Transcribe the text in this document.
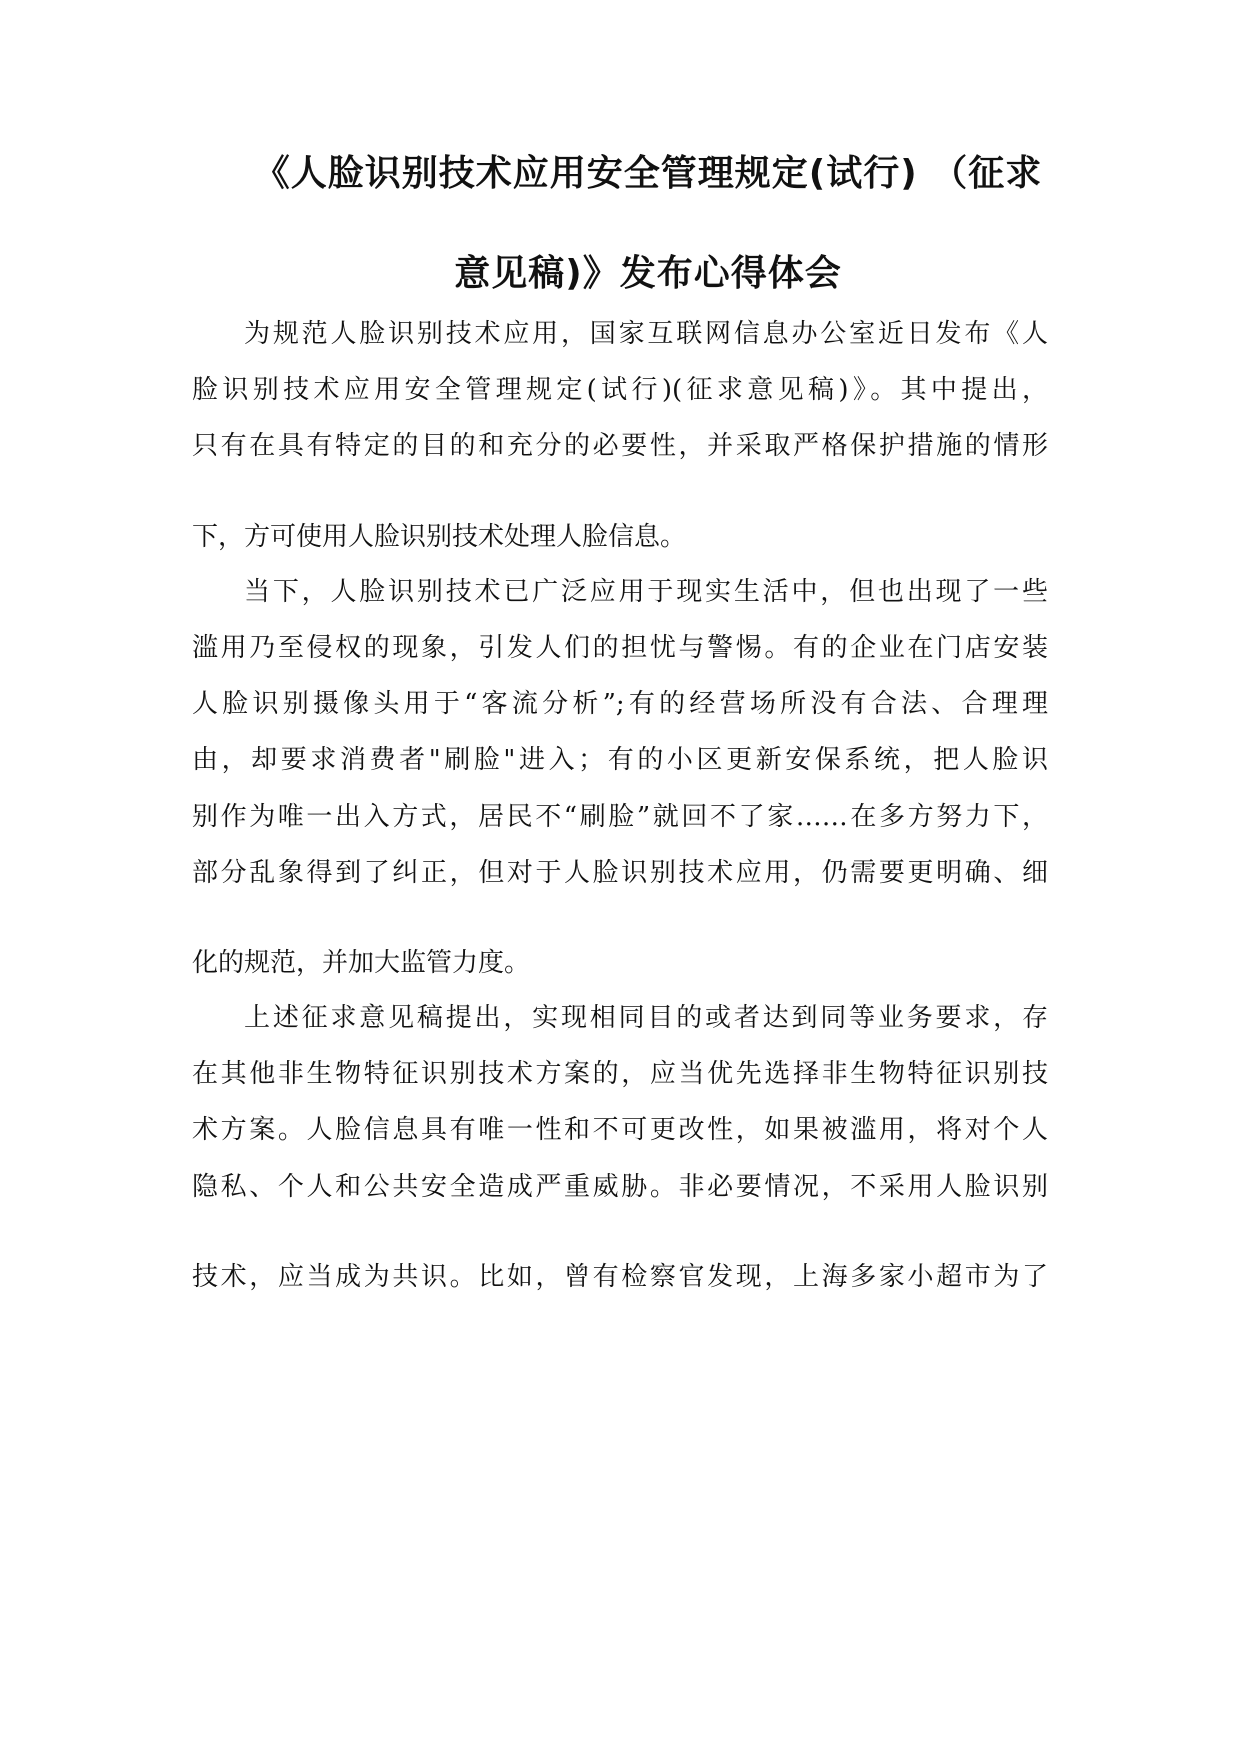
《人脸识别技术应用安全管理规定(试行) （征求
意见稿)》发布心得体会
为规范人脸识别技术应用，国家互联网信息办公室近日发布《人
脸识别技术应用安全管理规定(试行)(征求意见稿)》。其中提出，
只有在具有特定的目的和充分的必要性，并采取严格保护措施的情形
下，方可使用人脸识别技术处理人脸信息。
当下，人脸识别技术已广泛应用于现实生活中，但也出现了一些
滥用乃至侵权的现象，引发人们的担忧与警惕。有的企业在门店安装
人脸识别摄像头用于“客流分析”;有的经营场所没有合法、合理理
由，却要求消费者"刷脸"进入；有的小区更新安保系统，把人脸识
别作为唯一出入方式，居民不“刷脸”就回不了家……在多方努力下，
部分乱象得到了纠正，但对于人脸识别技术应用，仍需要更明确、细
化的规范，并加大监管力度。
上述征求意见稿提出，实现相同目的或者达到同等业务要求，存
在其他非生物特征识别技术方案的，应当优先选择非生物特征识别技
术方案。人脸信息具有唯一性和不可更改性，如果被滥用，将对个人
隐私、个人和公共安全造成严重威胁。非必要情况，不采用人脸识别
技术，应当成为共识。比如，曾有检察官发现，上海多家小超市为了
